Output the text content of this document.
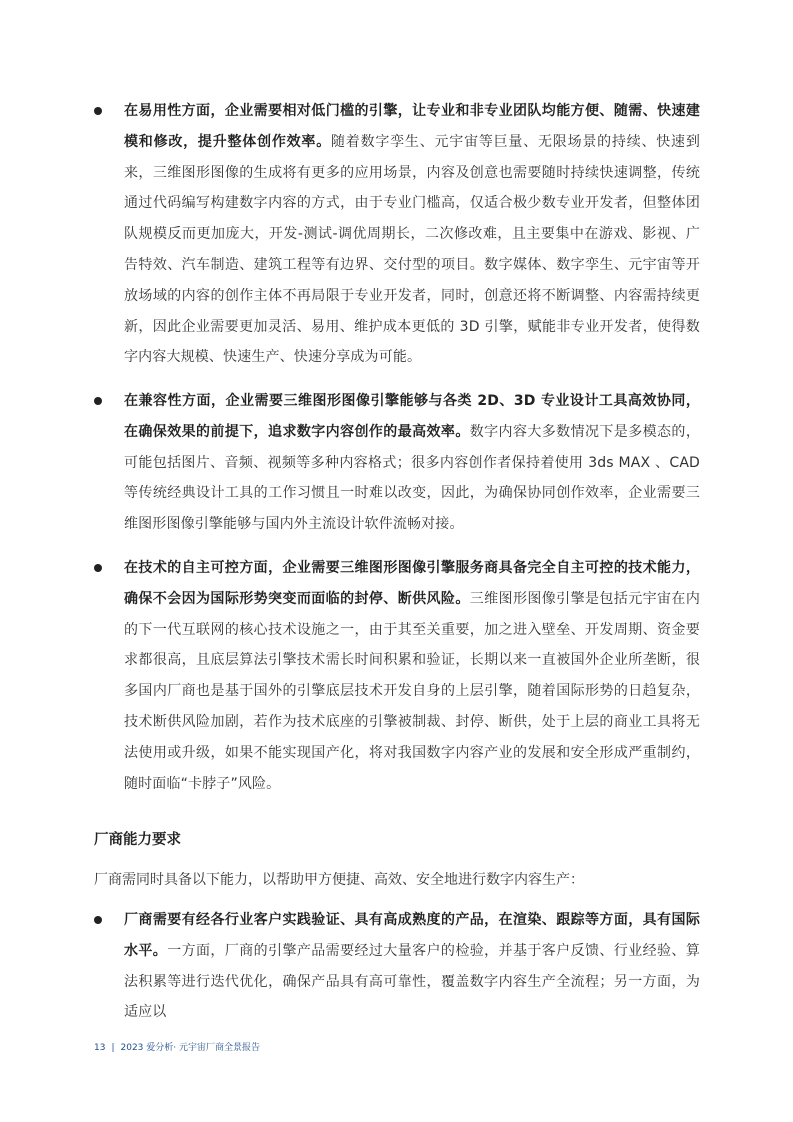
在易用性方面，企业需要相对低门槛的引擎，让专业和非专业团队均能方便、随需、快速建模和修改，提升整体创作效率。随着数字孪生、元宇宙等巨量、无限场景的持续、快速到来，三维图形图像的生成将有更多的应用场景，内容及创意也需要随时持续快速调整，传统通过代码编写构建数字内容的方式，由于专业门槛高，仅适合极少数专业开发者，但整体团队规模反而更加庞大，开发-测试-调优周期长，二次修改难，且主要集中在游戏、影视、广告特效、汽车制造、建筑工程等有边界、交付型的项目。数字媒体、数字孪生、元宇宙等开放场域的内容的创作主体不再局限于专业开发者，同时，创意还将不断调整、内容需持续更新，因此企业需要更加灵活、易用、维护成本更低的 3D 引擎，赋能非专业开发者，使得数字内容大规模、快速生产、快速分享成为可能。
在兼容性方面，企业需要三维图形图像引擎能够与各类 2D、3D 专业设计工具高效协同，在确保效果的前提下，追求数字内容创作的最高效率。数字内容大多数情况下是多模态的，可能包括图片、音频、视频等多种内容格式；很多内容创作者保持着使用 3ds MAX 、CAD 等传统经典设计工具的工作习惯且一时难以改变，因此，为确保协同创作效率，企业需要三维图形图像引擎能够与国内外主流设计软件流畅对接。
在技术的自主可控方面，企业需要三维图形图像引擎服务商具备完全自主可控的技术能力，确保不会因为国际形势突变而面临的封停、断供风险。三维图形图像引擎是包括元宇宙在内的下一代互联网的核心技术设施之一，由于其至关重要，加之进入壁垒、开发周期、资金要求都很高，且底层算法引擎技术需长时间积累和验证，长期以来一直被国外企业所垄断，很多国内厂商也是基于国外的引擎底层技术开发自身的上层引擎，随着国际形势的日趋复杂，技术断供风险加剧，若作为技术底座的引擎被制裁、封停、断供，处于上层的商业工具将无法使用或升级，如果不能实现国产化，将对我国数字内容产业的发展和安全形成严重制约，随时面临“卡脖子”风险。
厂商能力要求
厂商需同时具备以下能力，以帮助甲方便捷、高效、安全地进行数字内容生产：
厂商需要有经各行业客户实践验证、具有高成熟度的产品，在渲染、跟踪等方面，具有国际水平。一方面，厂商的引擎产品需要经过大量客户的检验，并基于客户反馈、行业经验、算法积累等进行迭代优化，确保产品具有高可靠性，覆盖数字内容生产全流程；另一方面，为适应以
13 | 2023 爱分析· 元宇宙厂商全景报告
